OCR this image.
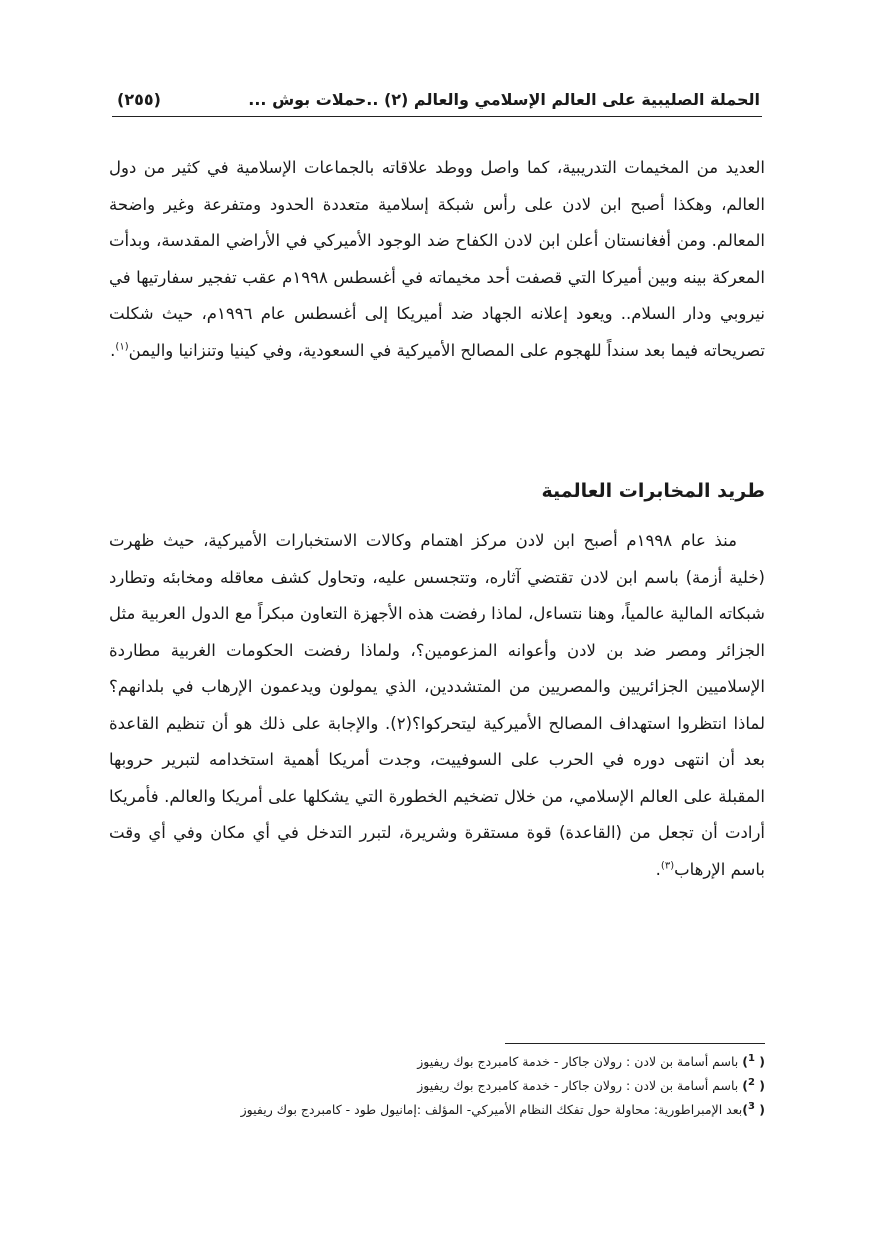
الحملة الصليبية على العالم الإسلامي والعالم (٢) ..حملات بوش ...
(٢٥٥)

العديد من المخيمات التدريبية، كما واصل ووطد علاقاته بالجماعات الإسلامية في كثير من دول العالم، وهكذا أصبح ابن لادن على رأس شبكة إسلامية متعددة الحدود ومتفرعة وغير واضحة المعالم. ومن أفغانستان أعلن ابن لادن الكفاح ضد الوجود الأميركي في الأراضي المقدسة، وبدأت المعركة بينه وبين أميركا التي قصفت أحد مخيماته في أغسطس ١٩٩٨م عقب تفجير سفارتيها في نيروبي ودار السلام.. ويعود إعلانه الجهاد ضد أميريكا إلى أغسطس عام ١٩٩٦م، حيث شكلت تصريحاته فيما بعد سنداً للهجوم على المصالح الأميركية في السعودية، وفي كينيا وتنزانيا واليمن$^{(١)}$.

طريد المخابرات العالمية

منذ عام ١٩٩٨م أصبح ابن لادن مركز اهتمام وكالات الاستخبارات الأميركية، حيث ظهرت (خلية أزمة) باسم ابن لادن تقتضي آثاره، وتتجسس عليه، وتحاول كشف معاقله ومخابئه وتطارد شبكاته المالية عالمياً، وهنا نتساءل، لماذا رفضت هذه الأجهزة التعاون مبكراً مع الدول العربية مثل الجزائر ومصر ضد بن لادن وأعوانه المزعومين؟، ولماذا رفضت الحكومات الغربية مطاردة الإسلاميين الجزائريين والمصريين من المتشددين، الذي يمولون ويدعمون الإرهاب في بلدانهم؟ لماذا انتظروا استهداف المصالح الأميركية ليتحركوا؟(٢). والإجابة على ذلك هو أن تنظيم القاعدة بعد أن انتهى دوره في الحرب على السوفييت، وجدت أمريكا أهمية استخدامه لتبرير حروبها المقبلة على العالم الإسلامي، من خلال تضخيم الخطورة التي يشكلها على أمريكا والعالم. فأمريكا أرادت أن تجعل من (القاعدة) قوة مستقرة وشريرة، لتبرر التدخل في أي مكان وفي أي وقت باسم الإرهاب$^{(٣)}$.

( $^1$) باسم أسامة بن لادن : رولان جاكار - خدمة كامبردج بوك ريفيوز
( $^2$) باسم أسامة بن لادن : رولان جاكار - خدمة كامبردج بوك ريفيوز
( $^3$)بعد الإمبراطورية: محاولة حول تفكك النظام الأميركي- المؤلف :إمانيول طود - كامبردج بوك ريفيوز
